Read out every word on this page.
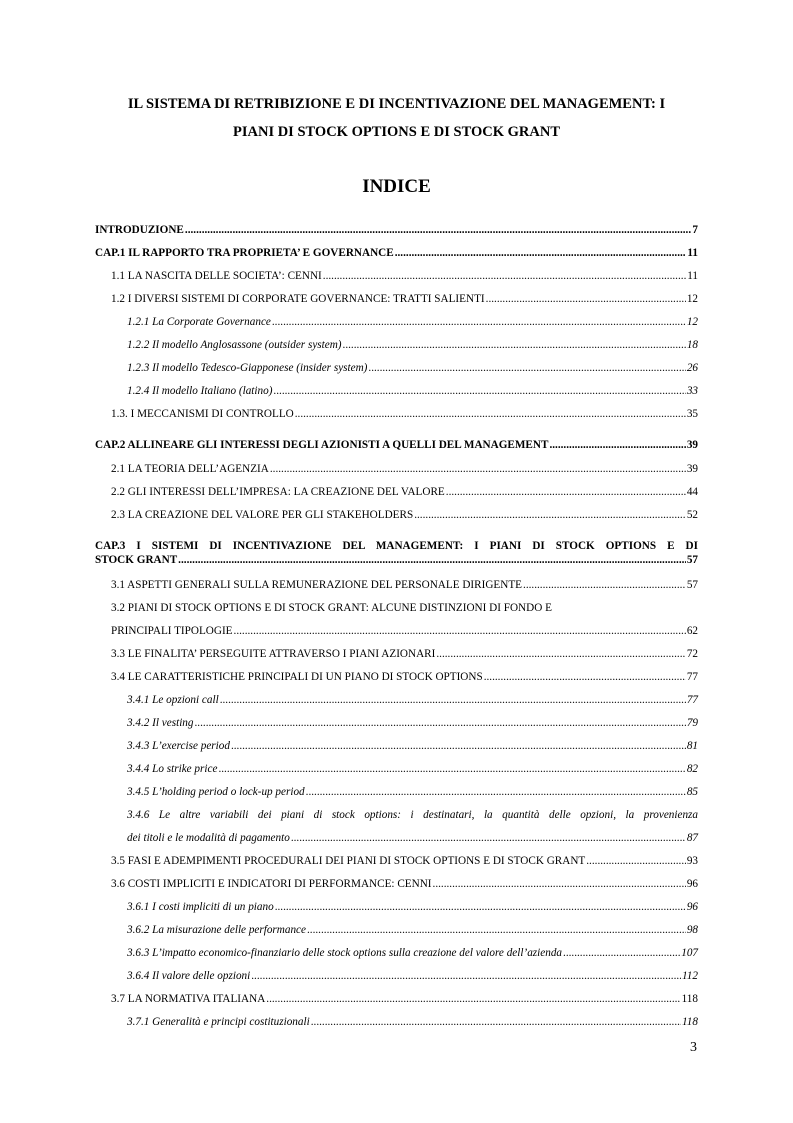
IL SISTEMA DI RETRIBIZIONE E DI INCENTIVAZIONE DEL MANAGEMENT: I
PIANI DI STOCK OPTIONS E DI STOCK GRANT
INDICE
INTRODUZIONE .....	7
CAP.1 IL RAPPORTO TRA PROPRIETA’ E GOVERNANCE .....	11
1.1 LA NASCITA DELLE SOCIETA’: CENNI .....	11
1.2 I DIVERSI SISTEMI DI CORPORATE GOVERNANCE: TRATTI SALIENTI .....	12
1.2.1 La Corporate Governance .....	12
1.2.2 Il modello Anglosassone (outsider system) .....	18
1.2.3 Il modello Tedesco-Giapponese (insider system) .....	26
1.2.4 Il modello Italiano (latino) .....	33
1.3. I MECCANISMI DI CONTROLLO .....	35
CAP.2 ALLINEARE GLI INTERESSI DEGLI AZIONISTI A QUELLI DEL MANAGEMENT .....	39
2.1 LA TEORIA DELL’AGENZIA .....	39
2.2 GLI INTERESSI DELL’IMPRESA: LA CREAZIONE DEL VALORE .....	44
2.3 LA CREAZIONE DEL VALORE PER GLI STAKEHOLDERS .....	52
CAP.3 I SISTEMI DI INCENTIVAZIONE DEL MANAGEMENT: I PIANI DI STOCK OPTIONS E DI
STOCK GRANT .....	57
3.1 ASPETTI GENERALI SULLA REMUNERAZIONE DEL PERSONALE DIRIGENTE .....	57
3.2 PIANI DI STOCK OPTIONS E DI STOCK GRANT: ALCUNE DISTINZIONI DI FONDO E
PRINCIPALI TIPOLOGIE .....	62
3.3 LE FINALITA’ PERSEGUITE ATTRAVERSO I PIANI AZIONARI .....	72
3.4 LE CARATTERISTICHE PRINCIPALI DI UN PIANO DI STOCK OPTIONS .....	77
3.4.1 Le opzioni call .....	77
3.4.2 Il vesting .....	79
3.4.3 L’exercise period .....	81
3.4.4 Lo strike price .....	82
3.4.5 L’holding period o lock-up period .....	85
3.4.6 Le altre variabili dei piani di stock options: i destinatari, la quantità delle opzioni, la provenienza
dei titoli e le modalità di pagamento .....	87
3.5 FASI E ADEMPIMENTI PROCEDURALI DEI PIANI DI STOCK OPTIONS E DI STOCK GRANT .....	93
3.6 COSTI IMPLICITI E INDICATORI DI PERFORMANCE: CENNI .....	96
3.6.1 I costi impliciti di un piano .....	96
3.6.2 La misurazione delle performance .....	98
3.6.3 L’impatto economico-finanziario delle stock options sulla creazione del valore dell’azienda .....	107
3.6.4 Il valore delle opzioni .....	112
3.7 LA NORMATIVA ITALIANA .....	118
3.7.1 Generalità e principi costituzionali .....	118
3
